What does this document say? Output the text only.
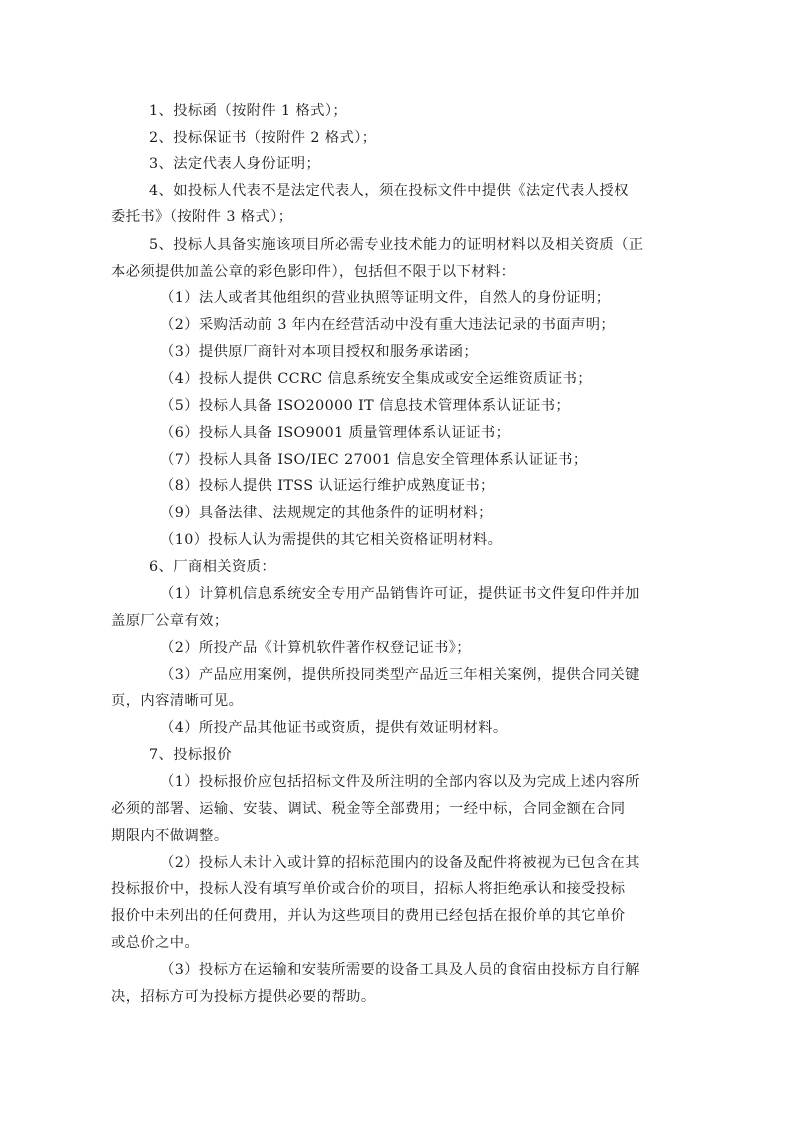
1、投标函（按附件 1 格式）；
2、投标保证书（按附件 2 格式）；
3、法定代表人身份证明；
4、如投标人代表不是法定代表人，须在投标文件中提供《法定代表人授权
委托书》（按附件 3 格式）；
5、投标人具备实施该项目所必需专业技术能力的证明材料以及相关资质（正
本必须提供加盖公章的彩色影印件），包括但不限于以下材料：
（1）法人或者其他组织的营业执照等证明文件，自然人的身份证明；
（2）采购活动前 3 年内在经营活动中没有重大违法记录的书面声明；
（3）提供原厂商针对本项目授权和服务承诺函；
（4）投标人提供 CCRC 信息系统安全集成或安全运维资质证书；
（5）投标人具备 ISO20000 IT 信息技术管理体系认证证书；
（6）投标人具备 ISO9001 质量管理体系认证证书；
（7）投标人具备 ISO/IEC 27001 信息安全管理体系认证证书；
（8）投标人提供 ITSS 认证运行维护成熟度证书；
（9）具备法律、法规规定的其他条件的证明材料；
（10）投标人认为需提供的其它相关资格证明材料。
6、厂商相关资质：
（1）计算机信息系统安全专用产品销售许可证，提供证书文件复印件并加
盖原厂公章有效；
（2）所投产品《计算机软件著作权登记证书》；
（3）产品应用案例，提供所投同类型产品近三年相关案例，提供合同关键
页，内容清晰可见。
（4）所投产品其他证书或资质，提供有效证明材料。
7、投标报价
（1）投标报价应包括招标文件及所注明的全部内容以及为完成上述内容所
必须的部署、运输、安装、调试、税金等全部费用；一经中标，合同金额在合同
期限内不做调整。
（2）投标人未计入或计算的招标范围内的设备及配件将被视为已包含在其
投标报价中，投标人没有填写单价或合价的项目，招标人将拒绝承认和接受投标
报价中未列出的任何费用，并认为这些项目的费用已经包括在报价单的其它单价
或总价之中。
（3）投标方在运输和安装所需要的设备工具及人员的食宿由投标方自行解
决，招标方可为投标方提供必要的帮助。
